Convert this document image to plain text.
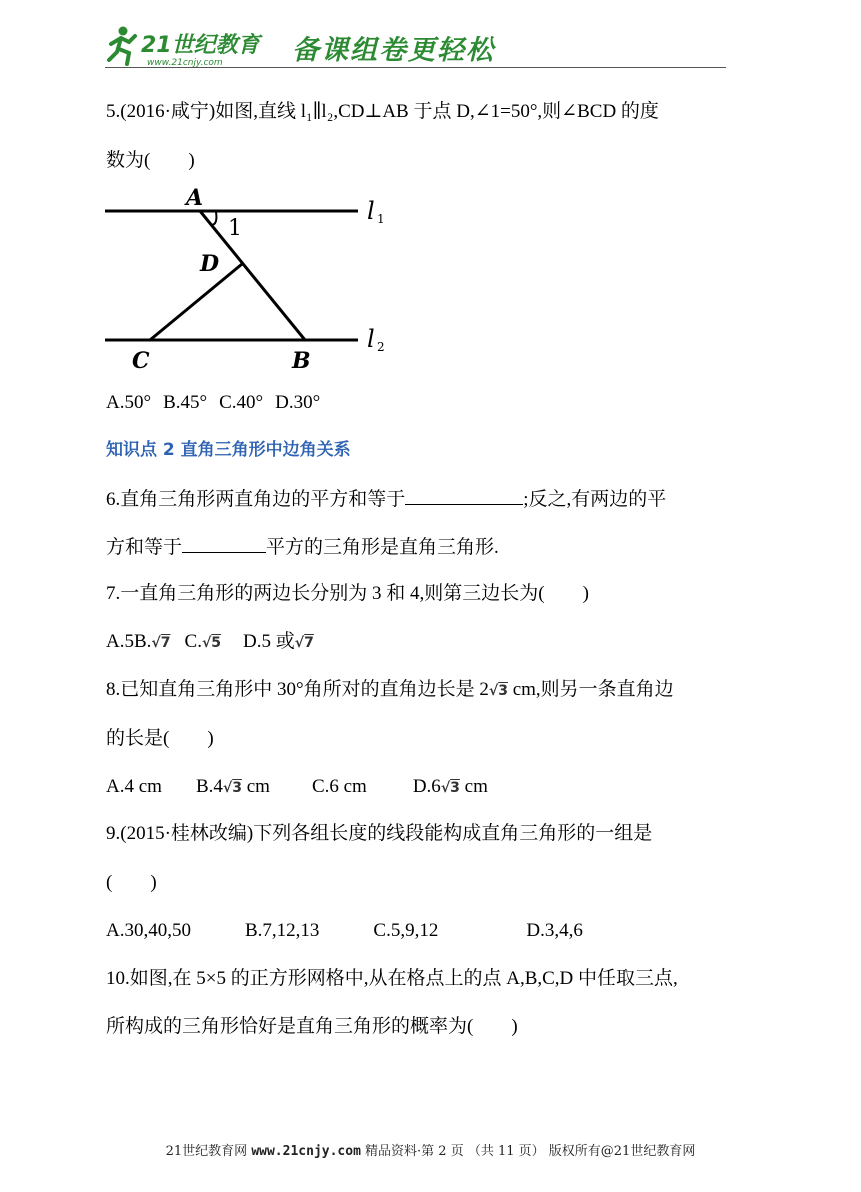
21世纪教育
www.21cnjy.com	备课组卷更轻松
5.(2016·咸宁)如图,直线 l₁∥l₂,CD⊥AB 于点 D,∠1=50°,则∠BCD 的度
数为(　　)
A
1
D
C	B
l 1
l 2
A.50° B.45° C.40° D.30°
知识点 2 直角三角形中边角关系
6.直角三角形两直角边的平方和等于	;反之,有两边的平
方和等于	平方的三角形是直角三角形.
7.一直角三角形的两边长分别为 3 和 4,则第三边长为(　　)
A.5B.√7 C.√5 D.5 或√7
8.已知直角三角形中 30°角所对的直角边长是 2√3 cm,则另一条直角边
的长是(　　)
A.4 cm B.4√3 cm C.6 cm D.6√3 cm
9.(2015·桂林改编)下列各组长度的线段能构成直角三角形的一组是
(　　)
A.30,40,50	B.7,12,13	C.5,9,12	D.3,4,6
10.如图,在 5×5 的正方形网格中,从在格点上的点 A,B,C,D 中任取三点,
所构成的三角形恰好是直角三角形的概率为(　　)
21世纪教育网 www.21cnjy.com 精品资料·第 2 页 （共 11 页） 版权所有@21世纪教育网
